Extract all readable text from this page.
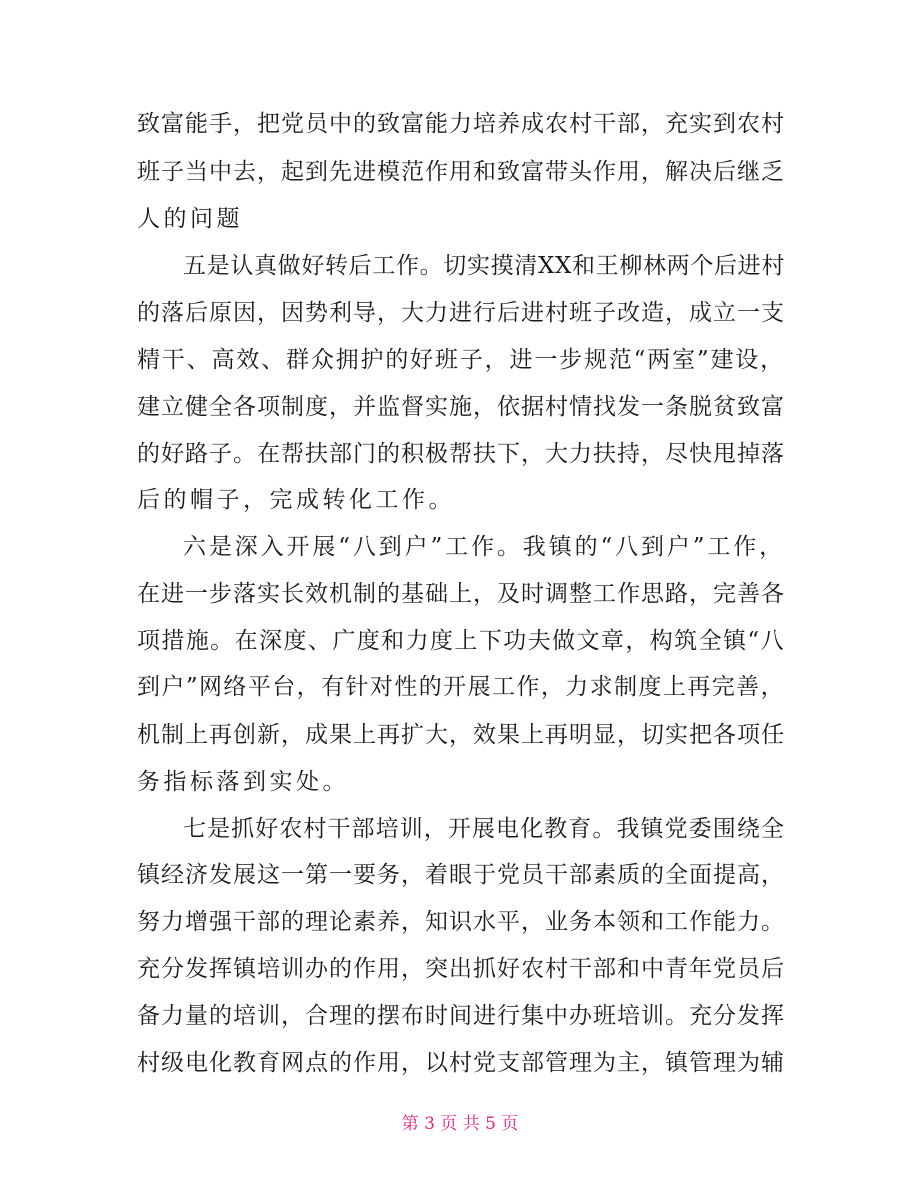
致富能手，把党员中的致富能力培养成农村干部，充实到农村
班子当中去，起到先进模范作用和致富带头作用，解决后继乏
人的问题
五是认真做好转后工作。切实摸清XX和王柳林两个后进村
的落后原因，因势利导，大力进行后进村班子改造，成立一支
精干、高效、群众拥护的好班子，进一步规范“两室”建设，
建立健全各项制度，并监督实施，依据村情找发一条脱贫致富
的好路子。在帮扶部门的积极帮扶下，大力扶持，尽快甩掉落
后的帽子，完成转化工作。
六是深入开展“八到户”工作。我镇的“八到户”工作，
在进一步落实长效机制的基础上，及时调整工作思路，完善各
项措施。在深度、广度和力度上下功夫做文章，构筑全镇“八
到户”网络平台，有针对性的开展工作，力求制度上再完善，
机制上再创新，成果上再扩大，效果上再明显，切实把各项任
务指标落到实处。
七是抓好农村干部培训，开展电化教育。我镇党委围绕全
镇经济发展这一第一要务，着眼于党员干部素质的全面提高，
努力增强干部的理论素养，知识水平，业务本领和工作能力。
充分发挥镇培训办的作用，突出抓好农村干部和中青年党员后
备力量的培训，合理的摆布时间进行集中办班培训。充分发挥
村级电化教育网点的作用，以村党支部管理为主，镇管理为辅
第 3 页 共 5 页
